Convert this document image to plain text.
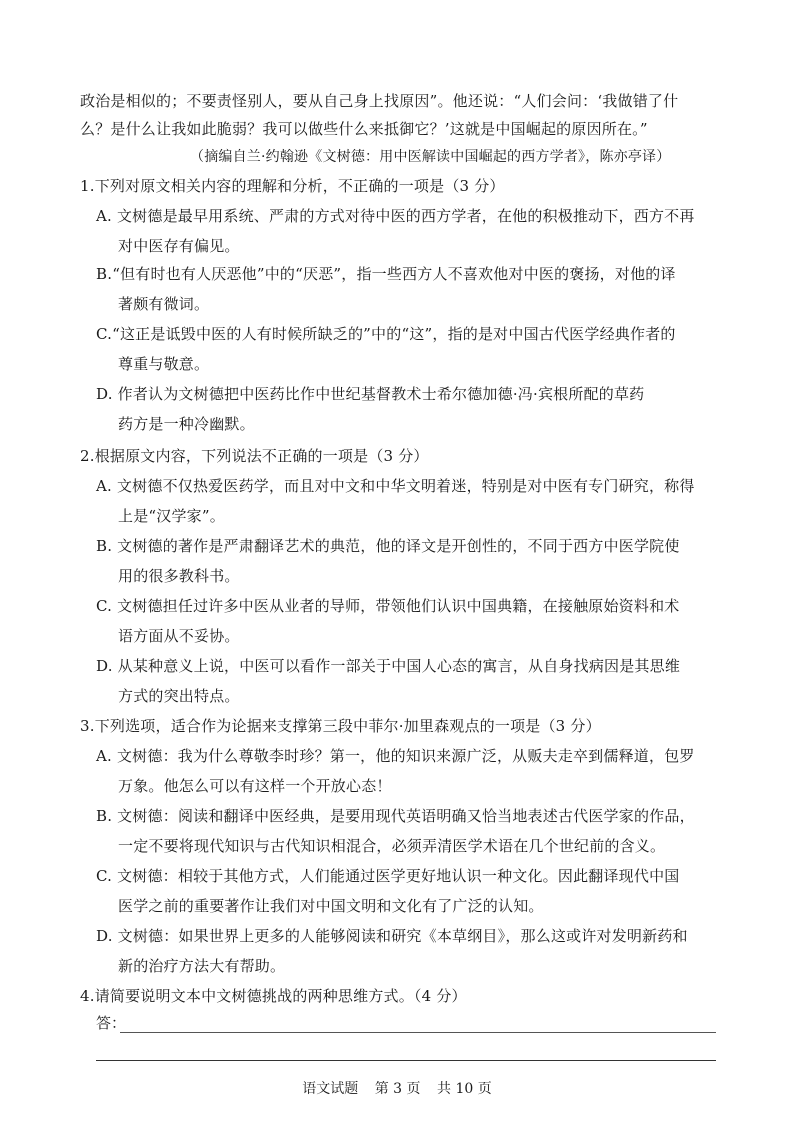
政治是相似的；不要责怪别人，要从自己身上找原因”。他还说：“人们会问：‘我做错了什
么？是什么让我如此脆弱？我可以做些什么来抵御它？’这就是中国崛起的原因所在。”
（摘编自兰·约翰逊《文树德：用中医解读中国崛起的西方学者》，陈亦亭译）
1.下列对原文相关内容的理解和分析，不正确的一项是（3 分）
A. 文树德是最早用系统、严肃的方式对待中医的西方学者，在他的积极推动下，西方不再
对中医存有偏见。
B.“但有时也有人厌恶他”中的“厌恶”，指一些西方人不喜欢他对中医的褒扬，对他的译
著颇有微词。
C.“这正是诋毁中医的人有时候所缺乏的”中的“这”，指的是对中国古代医学经典作者的
尊重与敬意。
D. 作者认为文树德把中医药比作中世纪基督教术士希尔德加德·冯·宾根所配的草药
药方是一种冷幽默。
2.根据原文内容，下列说法不正确的一项是（3 分）
A. 文树德不仅热爱医药学，而且对中文和中华文明着迷，特别是对中医有专门研究，称得
上是“汉学家”。
B. 文树德的著作是严肃翻译艺术的典范，他的译文是开创性的，不同于西方中医学院使
用的很多教科书。
C. 文树德担任过许多中医从业者的导师，带领他们认识中国典籍，在接触原始资料和术
语方面从不妥协。
D. 从某种意义上说，中医可以看作一部关于中国人心态的寓言，从自身找病因是其思维
方式的突出特点。
3.下列选项，适合作为论据来支撑第三段中菲尔·加里森观点的一项是（3 分）
A. 文树德：我为什么尊敬李时珍？第一，他的知识来源广泛，从贩夫走卒到儒释道，包罗
万象。他怎么可以有这样一个开放心态！
B. 文树德：阅读和翻译中医经典，是要用现代英语明确又恰当地表述古代医学家的作品，
一定不要将现代知识与古代知识相混合，必须弄清医学术语在几个世纪前的含义。
C. 文树德：相较于其他方式，人们能通过医学更好地认识一种文化。因此翻译现代中国
医学之前的重要著作让我们对中国文明和文化有了广泛的认知。
D. 文树德：如果世界上更多的人能够阅读和研究《本草纲目》，那么这或许对发明新药和
新的治疗方法大有帮助。
4.请简要说明文本中文树德挑战的两种思维方式。（4 分）
答：
语文试题 第 3 页 共 10 页
